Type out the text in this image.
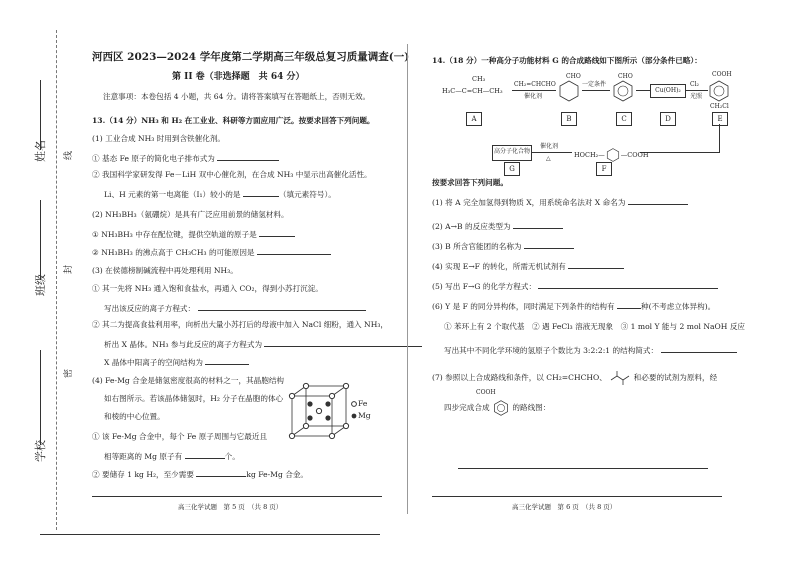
姓名
班级
学校
线
封
密
河西区 2023—2024 学年度第二学期高三年级总复习质量调查(一)
第 II 卷（非选择题　共 64 分）
注意事项：本卷包括 4 小题，共 64 分。请将答案填写在答题纸上，否则无效。
13.（14 分）NH₃ 和 H₂ 在工业业、科研等方面应用广泛。按要求回答下列问题。
(1) 工业合成 NH₃ 时用到含铁催化剂。
① 基态 Fe 原子的简化电子排布式为
② 我国科学家研发得 Fe－LiH 双中心催化剂，在合成 NH₃ 中显示出高催化活性。
Li、H 元素的第一电离能（I₁）较小的是	（填元素符号）。
(2) NH₃BH₃（氨硼烷）是具有广泛应用前景的储氢材料。
① NH₃BH₃ 中存在配位键，提供空轨道的原子是
② NH₃BH₃ 的沸点高于 CH₃CH₃ 的可能原因是
(3) 在侯德榜制碱流程中再处理利用 NH₃。
① 其一先将 NH₃ 通入饱和食盐水，再通入 CO₂，得到小苏打沉淀。
写出该反应的离子方程式：
② 其二为提高食盐利用率，向析出大量小苏打后的母液中加入 NaCl 细粉，通入 NH₃，
析出 X 晶体。NH₃ 参与此反应的离子方程式为
X 晶体中阳离子的空间结构为
(4) Fe-Mg 合金是储氢密度很高的材料之一，其晶胞结构
如右图所示。若该晶体储氢时，H₂ 分子在晶胞的体心
和棱的中心位置。
① 该 Fe-Mg 合金中，每个 Fe 原子周围与它最近且
相等距离的 Mg 原子有	个。
② 要储存 1 kg H₂，至少需要	kg Fe-Mg 合金。
Fe
Mg
高三化学试题　第 5 页　（共 8 页）
14.（18 分）一种高分子功能材料 G 的合成路线如下图所示（部分条件已略）：
CH₃
H₃C—C=CH—CH₃
CH₂=CHCHO
催化剂
CHO
一定条件
CHO
Cu(OH)₂
Cl₂
光照
COOH
CH₂Cl
A	B	C	D	E
HOCH₂— —COOH
催化剂
△
高分子化合物
G	F
按要求回答下列问题。
(1) 将 A 完全加氢得到物质 X，用系统命名法对 X 命名为
(2) A→B 的反应类型为
(3) B 所含官能团的名称为
(4) 实现 E→F 的转化，所需无机试剂有
(5) 写出 F→G 的化学方程式：
(6) Y 是 F 的同分异构体，同时满足下列条件的结构有	种(不考虑立体异构)。
① 苯环上有 2 个取代基　② 遇 FeCl₃ 溶液无现象　③ 1 mol Y 能与 2 mol NaOH 反应
写出其中不同化学环境的氢原子个数比为 3:2:2:1 的结构简式：
(7) 参照以上合成路线和条件，以 CH₂=CHCHO、	和必要的试剂为原料，经
COOH
四步完成合成	的路线图：
高三化学试题　第 6 页　（共 8 页）
